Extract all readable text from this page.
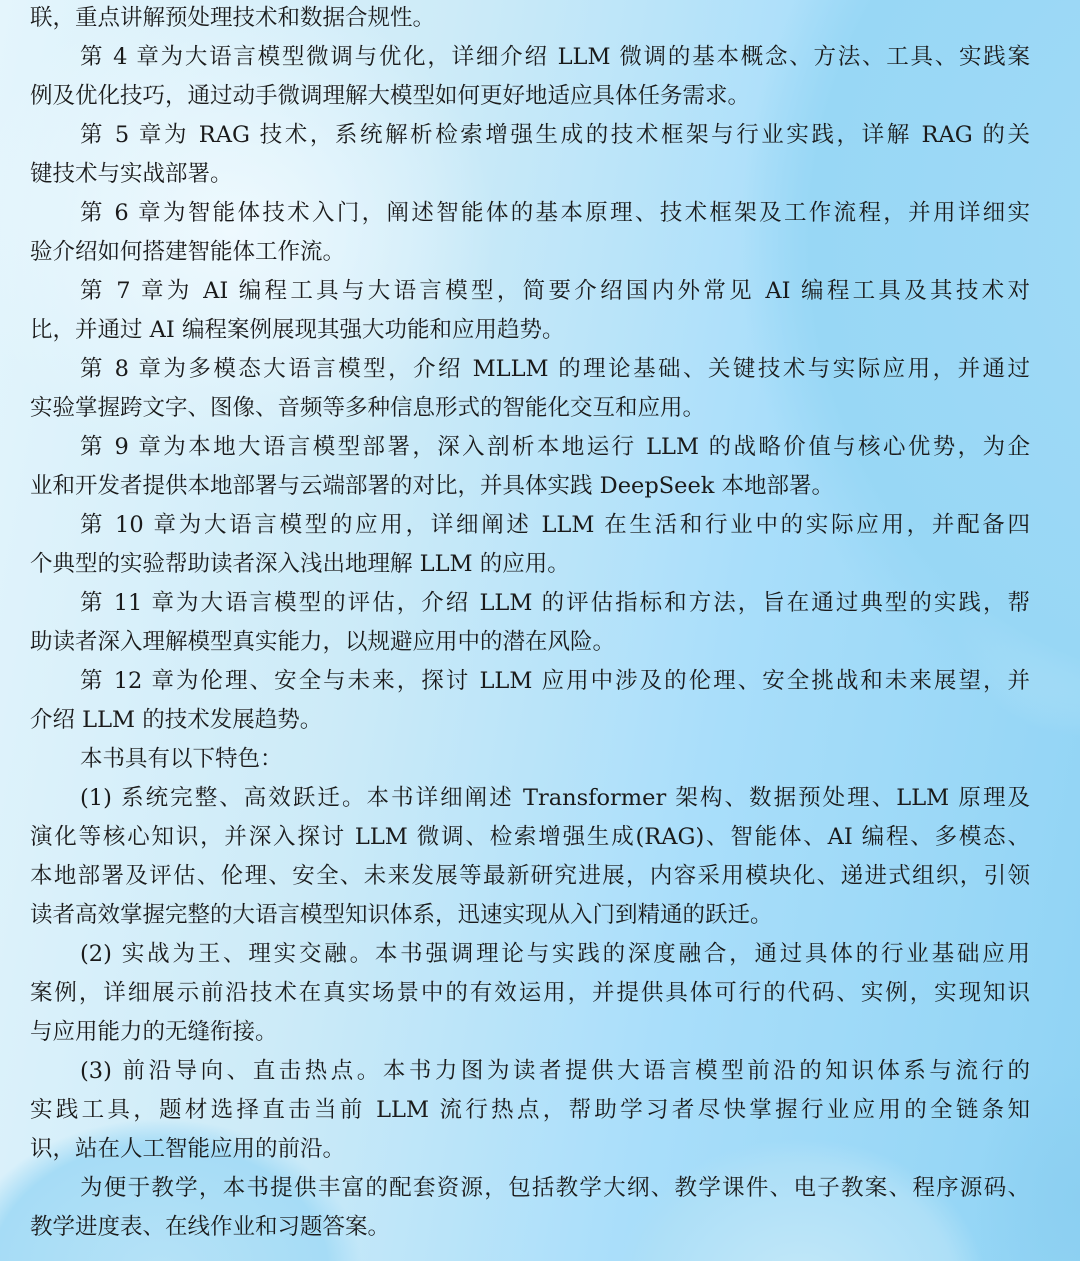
联，重点讲解预处理技术和数据合规性。
第 4 章为大语言模型微调与优化，详细介绍 LLM 微调的基本概念、方法、工具、实践案
例及优化技巧，通过动手微调理解大模型如何更好地适应具体任务需求。
第 5 章为 RAG 技术，系统解析检索增强生成的技术框架与行业实践，详解 RAG 的关
键技术与实战部署。
第 6 章为智能体技术入门，阐述智能体的基本原理、技术框架及工作流程，并用详细实
验介绍如何搭建智能体工作流。
第 7 章为 AI 编程工具与大语言模型，简要介绍国内外常见 AI 编程工具及其技术对
比，并通过 AI 编程案例展现其强大功能和应用趋势。
第 8 章为多模态大语言模型，介绍 MLLM 的理论基础、关键技术与实际应用，并通过
实验掌握跨文字、图像、音频等多种信息形式的智能化交互和应用。
第 9 章为本地大语言模型部署，深入剖析本地运行 LLM 的战略价值与核心优势，为企
业和开发者提供本地部署与云端部署的对比，并具体实践 DeepSeek 本地部署。
第 10 章为大语言模型的应用，详细阐述 LLM 在生活和行业中的实际应用，并配备四
个典型的实验帮助读者深入浅出地理解 LLM 的应用。
第 11 章为大语言模型的评估，介绍 LLM 的评估指标和方法，旨在通过典型的实践，帮
助读者深入理解模型真实能力，以规避应用中的潜在风险。
第 12 章为伦理、安全与未来，探讨 LLM 应用中涉及的伦理、安全挑战和未来展望，并
介绍 LLM 的技术发展趋势。
本书具有以下特色：
(1) 系统完整、高效跃迁。本书详细阐述 Transformer 架构、数据预处理、LLM 原理及
演化等核心知识，并深入探讨 LLM 微调、检索增强生成(RAG)、智能体、AI 编程、多模态、
本地部署及评估、伦理、安全、未来发展等最新研究进展，内容采用模块化、递进式组织，引领
读者高效掌握完整的大语言模型知识体系，迅速实现从入门到精通的跃迁。
(2) 实战为王、理实交融。本书强调理论与实践的深度融合，通过具体的行业基础应用
案例，详细展示前沿技术在真实场景中的有效运用，并提供具体可行的代码、实例，实现知识
与应用能力的无缝衔接。
(3) 前沿导向、直击热点。本书力图为读者提供大语言模型前沿的知识体系与流行的
实践工具，题材选择直击当前 LLM 流行热点，帮助学习者尽快掌握行业应用的全链条知
识，站在人工智能应用的前沿。
为便于教学，本书提供丰富的配套资源，包括教学大纲、教学课件、电子教案、程序源码、
教学进度表、在线作业和习题答案。
